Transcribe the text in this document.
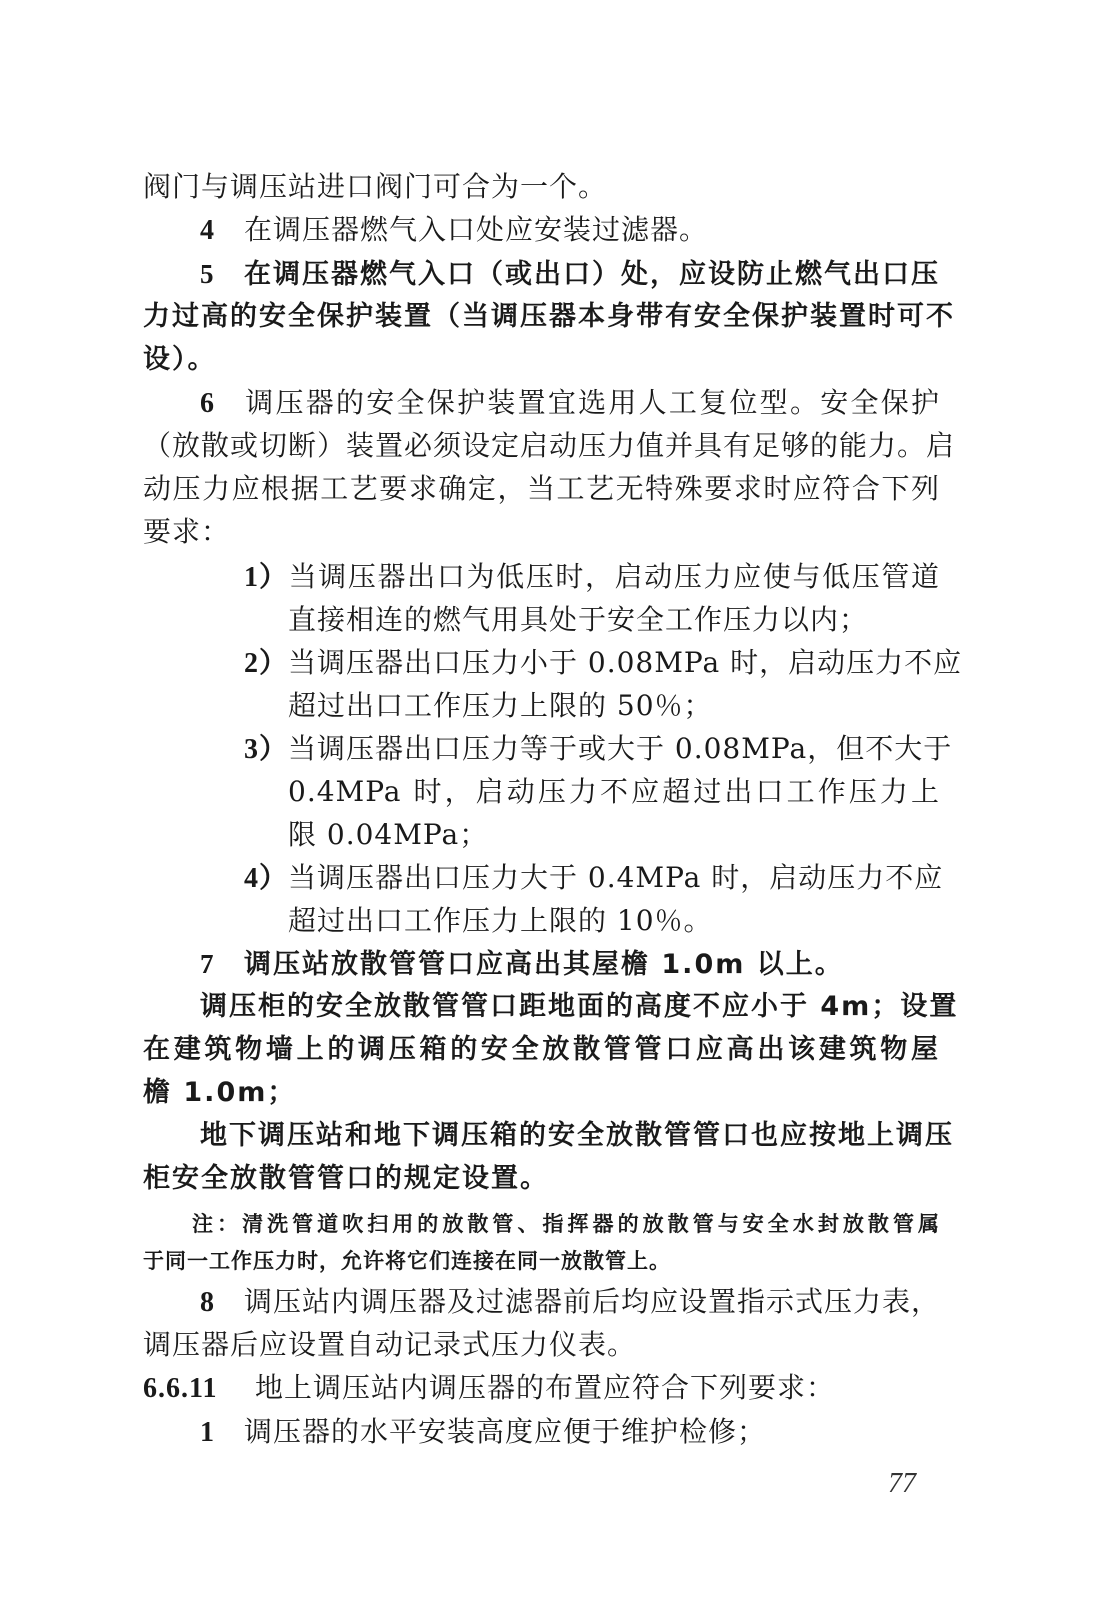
阀门与调压站进口阀门可合为一个。
4 在调压器燃气入口处应安装过滤器。
5 在调压器燃气入口（或出口）处，应设防止燃气出口压
力过高的安全保护装置（当调压器本身带有安全保护装置时可不
设）。
6 调压器的安全保护装置宜选用人工复位型。安全保护
（放散或切断）装置必须设定启动压力值并具有足够的能力。启
动压力应根据工艺要求确定，当工艺无特殊要求时应符合下列
要求：
1）当调压器出口为低压时，启动压力应使与低压管道
直接相连的燃气用具处于安全工作压力以内；
2）当调压器出口压力小于 0.08MPa 时，启动压力不应
超过出口工作压力上限的 50％；
3）当调压器出口压力等于或大于 0.08MPa，但不大于
0.4MPa 时，启动压力不应超过出口工作压力上
限 0.04MPa；
4）当调压器出口压力大于 0.4MPa 时，启动压力不应
超过出口工作压力上限的 10％。
7 调压站放散管管口应高出其屋檐 1.0m 以上。
调压柜的安全放散管管口距地面的高度不应小于 4m；设置
在建筑物墙上的调压箱的安全放散管管口应高出该建筑物屋
檐 1.0m；
地下调压站和地下调压箱的安全放散管管口也应按地上调压
柜安全放散管管口的规定设置。
注：清洗管道吹扫用的放散管、指挥器的放散管与安全水封放散管属
于同一工作压力时，允许将它们连接在同一放散管上。
8 调压站内调压器及过滤器前后均应设置指示式压力表，
调压器后应设置自动记录式压力仪表。
6.6.11 地上调压站内调压器的布置应符合下列要求：
1 调压器的水平安装高度应便于维护检修；
77
